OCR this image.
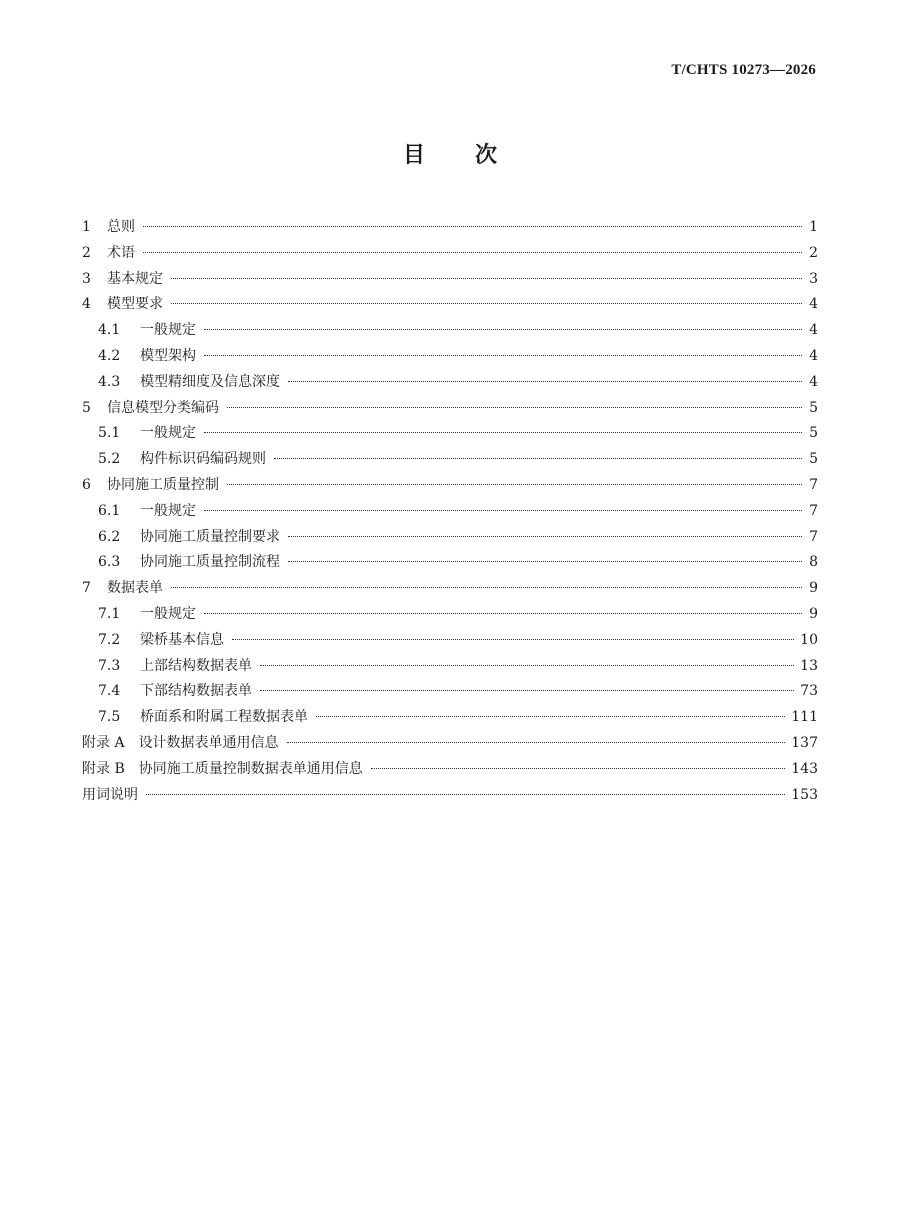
T/CHTS 10273—2026
目次
1	总则	1
2	术语	2
3	基本规定	3
4	模型要求	4
4.1	一般规定	4
4.2	模型架构	4
4.3	模型精细度及信息深度	4
5	信息模型分类编码	5
5.1	一般规定	5
5.2	构件标识码编码规则	5
6	协同施工质量控制	7
6.1	一般规定	7
6.2	协同施工质量控制要求	7
6.3	协同施工质量控制流程	8
7	数据表单	9
7.1	一般规定	9
7.2	梁桥基本信息	10
7.3	上部结构数据表单	13
7.4	下部结构数据表单	73
7.5	桥面系和附属工程数据表单	111
附录 A 设计数据表单通用信息	137
附录 B 协同施工质量控制数据表单通用信息	143
用词说明	153
